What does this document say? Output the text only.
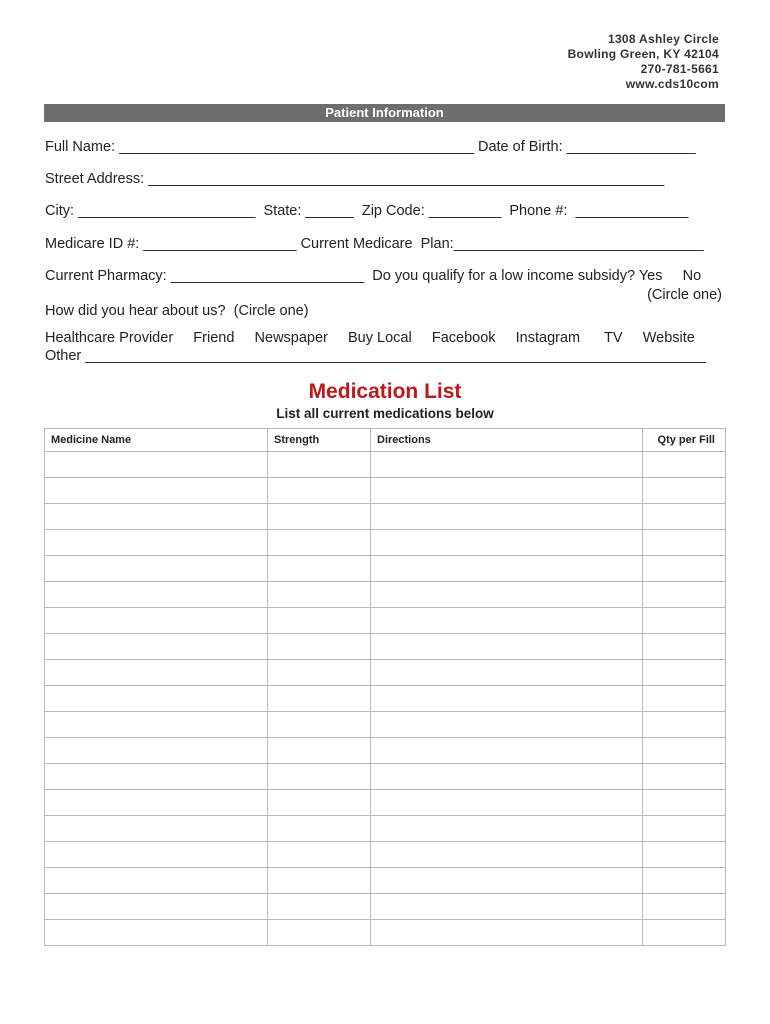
1308 Ashley Circle
Bowling Green, KY 42104
270-781-5661
www.cds10com
Patient Information
Full Name: ____________________________________________ Date of Birth: ________________
Street Address: ________________________________________________________________
City: ______________________  State: ______  Zip Code: _________  Phone #:  ______________
Medicare ID #: ___________________ Current Medicare  Plan:_______________________________
Current Pharmacy: ________________________  Do you qualify for a low income subsidy? Yes     No
(Circle one)
How did you hear about us?  (Circle one)
Healthcare Provider     Friend     Newspaper     Buy Local     Facebook     Instagram      TV     Website
Other _____________________________________________________________________________
Medication List
List all current medications below
Medicine Name	Strength	Directions	Qty per Fill
